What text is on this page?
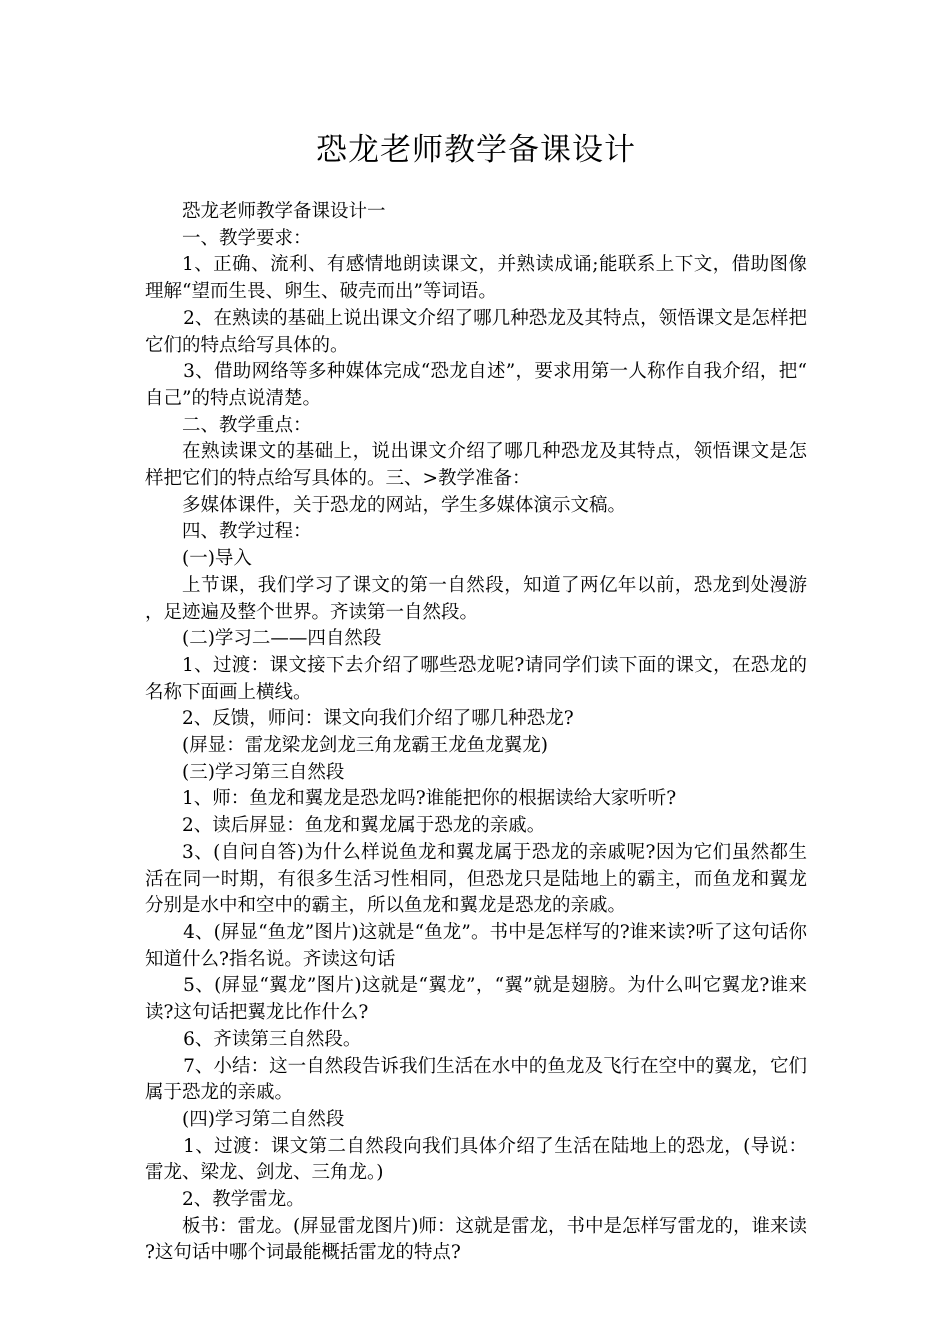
恐龙老师教学备课设计

恐龙老师教学备课设计一

一、教学要求：

1、正确、流利、有感情地朗读课文，并熟读成诵;能联系上下文，借助图像理解“望而生畏、卵生、破壳而出”等词语。

2、在熟读的基础上说出课文介绍了哪几种恐龙及其特点，领悟课文是怎样把它们的特点给写具体的。

3、借助网络等多种媒体完成“恐龙自述”，要求用第一人称作自我介绍，把“自己”的特点说清楚。

二、教学重点：

在熟读课文的基础上，说出课文介绍了哪几种恐龙及其特点，领悟课文是怎样把它们的特点给写具体的。三、>教学准备：

多媒体课件，关于恐龙的网站，学生多媒体演示文稿。

四、教学过程：

(一)导入

上节课，我们学习了课文的第一自然段，知道了两亿年以前，恐龙到处漫游，足迹遍及整个世界。齐读第一自然段。

(二)学习二——四自然段

1、过渡：课文接下去介绍了哪些恐龙呢?请同学们读下面的课文，在恐龙的名称下面画上横线。

2、反馈，师问：课文向我们介绍了哪几种恐龙?

(屏显：雷龙梁龙剑龙三角龙霸王龙鱼龙翼龙)

(三)学习第三自然段

1、师：鱼龙和翼龙是恐龙吗?谁能把你的根据读给大家听听?

2、读后屏显：鱼龙和翼龙属于恐龙的亲戚。

3、(自问自答)为什么样说鱼龙和翼龙属于恐龙的亲戚呢?因为它们虽然都生活在同一时期，有很多生活习性相同，但恐龙只是陆地上的霸主，而鱼龙和翼龙分别是水中和空中的霸主，所以鱼龙和翼龙是恐龙的亲戚。

4、(屏显“鱼龙”图片)这就是“鱼龙”。书中是怎样写的?谁来读?听了这句话你知道什么?指名说。齐读这句话

5、(屏显“翼龙”图片)这就是“翼龙”，“翼”就是翅膀。为什么叫它翼龙?谁来读?这句话把翼龙比作什么?

6、齐读第三自然段。

7、小结：这一自然段告诉我们生活在水中的鱼龙及飞行在空中的翼龙，它们属于恐龙的亲戚。

(四)学习第二自然段

1、过渡：课文第二自然段向我们具体介绍了生活在陆地上的恐龙，(导说：雷龙、梁龙、剑龙、三角龙。)

2、教学雷龙。

板书：雷龙。(屏显雷龙图片)师：这就是雷龙，书中是怎样写雷龙的，谁来读?这句话中哪个词最能概括雷龙的特点?
